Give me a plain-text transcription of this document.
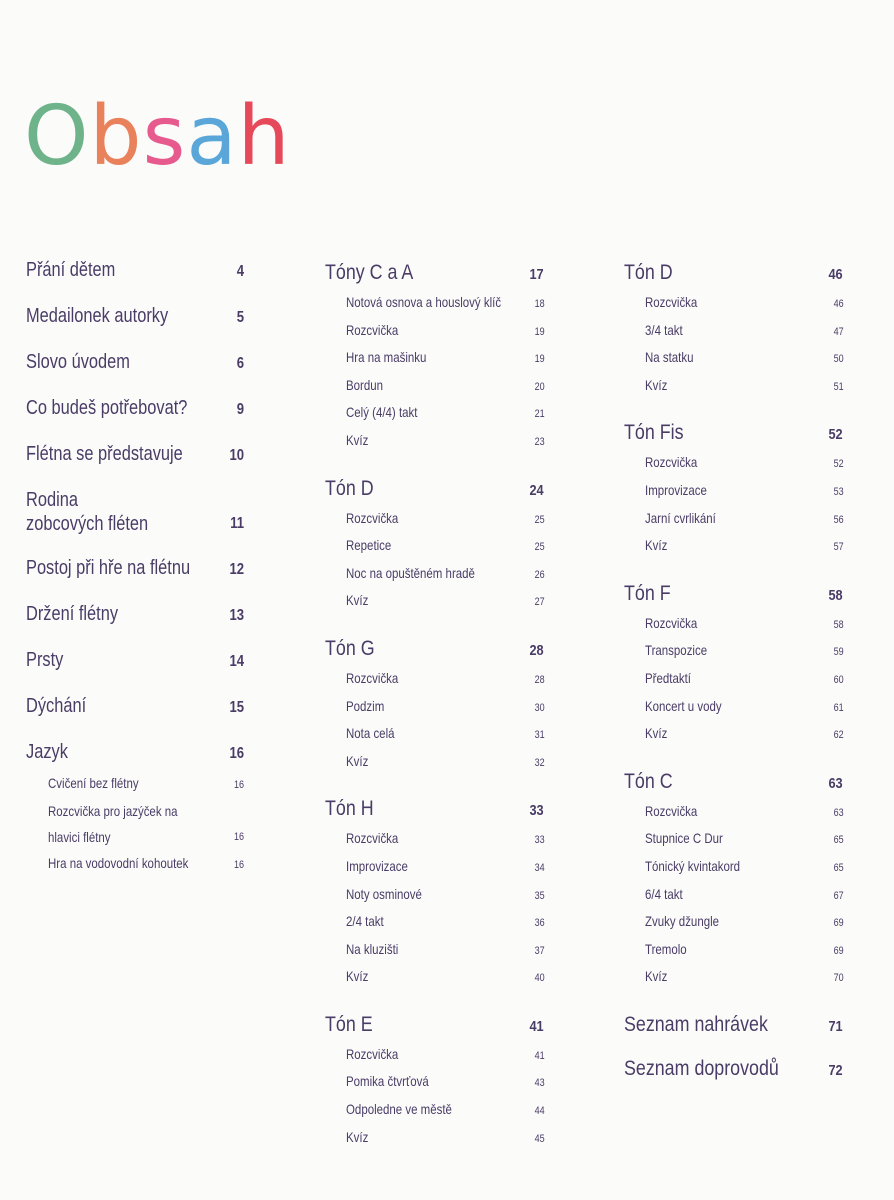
Obsah
Přání dětem	4
Medailonek autorky	5
Slovo úvodem	6
Co budeš potřebovat?	9
Flétna se představuje	10
Rodina zobcových fléten	11
Postoj při hře na flétnu 12
Držení flétny	13
Prsty	14
Dýchání	15
Jazyk	16
Cvičení bez flétny	16
Rozcvička pro jazýček na hlavici flétny	16
Hra na vodovodní kohoutek	16
Tóny C a A	17
Notová osnova a houslový klíč	18
Rozcvička	19
Hra na mašinku	19
Bordun	20
Celý (4/4) takt	21
Kvíz	23
Tón D	24
Rozcvička	25
Repetice	25
Noc na opuštěném hradě	26
Kvíz	27
Tón G	28
Rozcvička	28
Podzim	30
Nota celá	31
Kvíz	32
Tón H	33
Rozcvička	33
Improvizace	34
Noty osminové	35
2/4 takt	36
Na kluzišti	37
Kvíz	40
Tón E	41
Rozcvička	41
Pomika čtvrťová	43
Odpoledne ve městě	44
Kvíz	45
Tón D	46
Rozcvička	46
3/4 takt	47
Na statku	50
Kvíz	51
Tón Fis	52
Rozcvička	52
Improvizace	53
Jarní cvrlikání	56
Kvíz	57
Tón F	58
Rozcvička	58
Transpozice	59
Předtaktí	60
Koncert u vody	61
Kvíz	62
Tón C	63
Rozcvička	63
Stupnice C Dur	65
Tónický kvintakord	65
6/4 takt	67
Zvuky džungle	69
Tremolo	69
Kvíz	70
Seznam nahrávek	71
Seznam doprovodů	72
